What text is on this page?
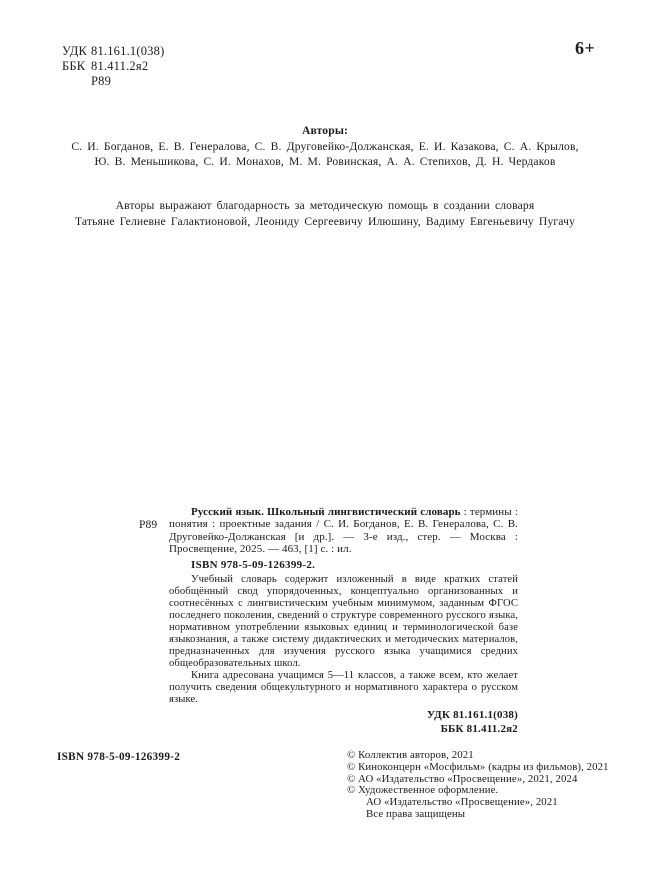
УДК 81.161.1(038)
ББК 81.411.2я2
Р89
6+
Авторы:
С. И. Богданов, Е. В. Генералова, С. В. Друговейко-Должанская, Е. И. Казакова, С. А. Крылов,
Ю. В. Меньшикова, С. И. Монахов, М. М. Ровинская, А. А. Степихов, Д. Н. Чердаков
Авторы выражают благодарность за методическую помощь в создании словаря
Татьяне Гелиевне Галактионовой, Леониду Сергеевичу Илюшину, Вадиму Евгеньевичу Пугачу
Р89

Русский язык. Школьный лингвистический словарь : термины : понятия : проектные задания / С. И. Богданов, Е. В. Генералова, С. В. Друговейко-Должанская [и др.]. — 3-е изд., стер. — Москва : Просвещение, 2025. — 463, [1] с. : ил.

ISBN 978-5-09-126399-2.

Учебный словарь содержит изложенный в виде кратких статей обобщённый свод упорядоченных, концептуально организованных и соотнесённых с лингвистическим учебным минимумом, заданным ФГОС последнего поколения, сведений о структуре современного русского языка, нормативном употреблении языковых единиц и терминологической базе языкознания, а также систему дидактических и методических материалов, предназначенных для изучения русского языка учащимися средних общеобразовательных школ.

Книга адресована учащимся 5—11 классов, а также всем, кто желает получить сведения общекультурного и нормативного характера о русском языке.

УДК 81.161.1(038)
ББК 81.411.2я2
ISBN 978-5-09-126399-2	© Коллектив авторов, 2021
© Киноконцерн «Мосфильм» (кадры из фильмов), 2021
© АО «Издательство «Просвещение», 2021, 2024
© Художественное оформление.
АО «Издательство «Просвещение», 2021
Все права защищены
